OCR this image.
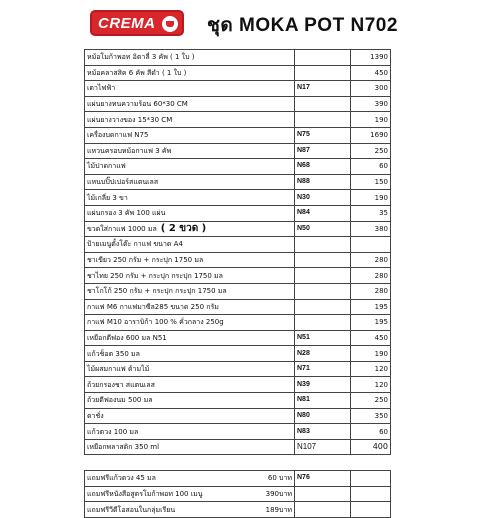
CREMA	ชุด MOKA POT N702
หม้อโมก้าพอท อิตาลี่ 3 คัพ ( 1 ใบ )		1390
หม้อคลาสสิค 6 คัพ สีดำ ( 1 ใบ )		450
เตาไฟฟ้า	N17	300
แผ่นยางทนความร้อน 60*30 CM		390
แผ่นยางวางของ 15*30 CM		190
เครื่องบดกาแฟ N75	N75	1690
แหวนครอบหม้อกาแฟ 3 คัพ	N87	250
ไม้ปาดกาแฟ	N68	60
แหนบปิ๊ปเปอร์สแตนเลส	N88	150
ไม้เกลี่ย 3 ขา	N30	190
แผ่นกรอง 3 คัพ 100 แผ่น	N84	35
ขวดใส่กาแฟ 1000 มล ( 2 ขวด )	N50	380
ป้ายเมนูตั้งโต๊ะ กาแฟ ขนาด A4		
ชาเขียว 250 กรัม + กระปุก 1750 มล		280
ชาไทย 250 กรัม + กระปุก กระปุก 1750 มล		280
ชาโกโก้ 250 กรัม + กระปุก กระปุก 1750 มล		280
กาแฟ M6 กาแฟมาซีล285 ขนาด 250 กรัม		195
กาแฟ M10 อาราบิก้า 100 % คั่วกลาง 250g		195
เหยือกตีฟอง 600 มล N51	N51	450
แก้วช็อต 350 มล	N28	190
ไม้ผสมกาแฟ ด้ามไม้	N71	120
ถ้วยกรองชา สแตนเลส	N39	120
ถ้วยตีฟองนม 500 มล	N81	250
ตาชั่ง	N80	350
แก้วตวง 100 มล	N83	60
เหยือกพลาสติก 350 ml	N107	400

แถมฟรีแก้วตวง 45 มล 60 บาท	N76	
แถมฟรีหนังสือสูตรโมก้าพอท 100 เมนู 390บาท		

แถมฟรีวีดีโอสอนในกลุ่มเรียน 189บาท		
